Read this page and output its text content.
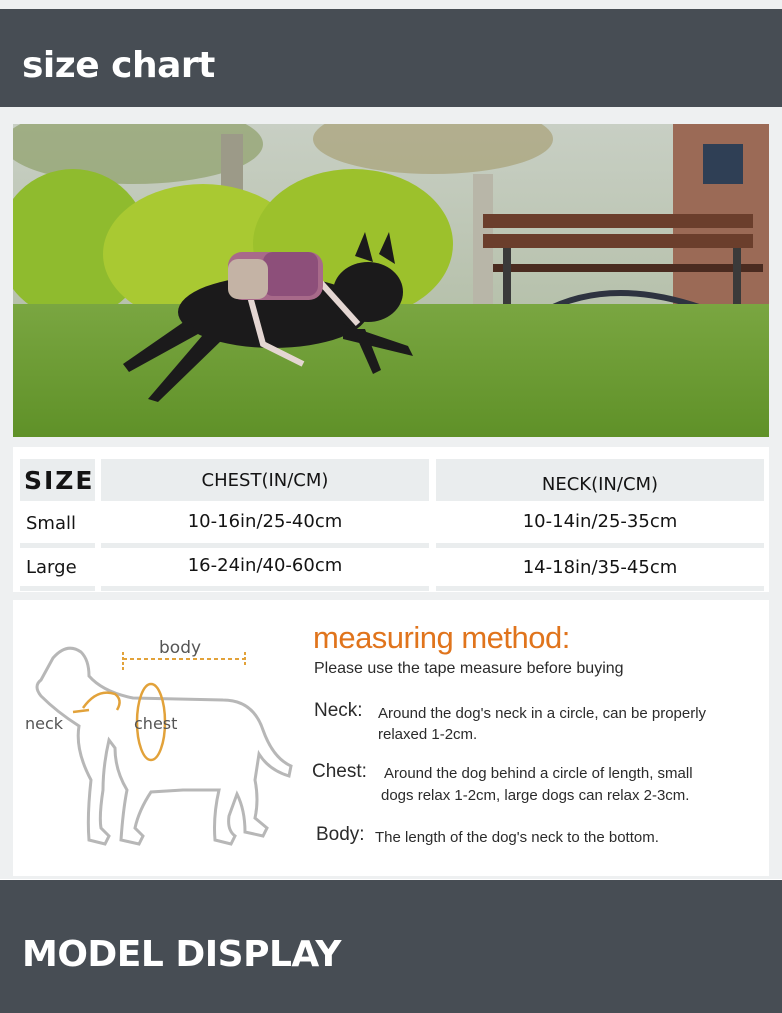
size chart
SIZE	CHEST(IN/CM)	NECK(IN/CM)
Small	10-16in/25-40cm	10-14in/25-35cm
Large	16-24in/40-60cm	14-18in/35-45cm
body
neck	chest
measuring method:
Please use the tape measure before buying
Neck: Around the dog's neck in a circle, can be properly
relaxed 1-2cm.
Chest: Around the dog behind a circle of length, small
dogs relax 1-2cm, large dogs can relax 2-3cm.
Body: The length of the dog's neck to the bottom.
MODEL DISPLAY
